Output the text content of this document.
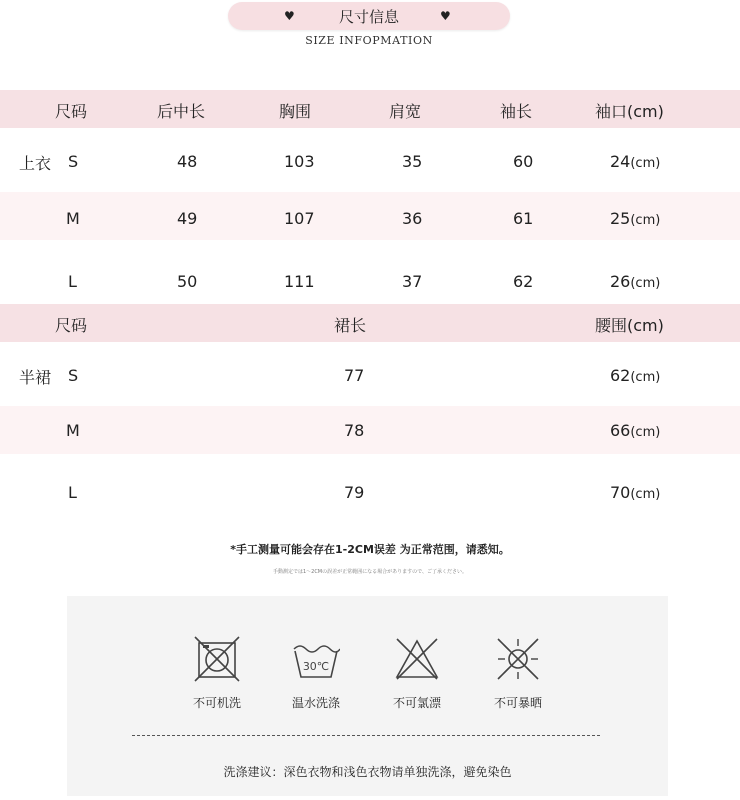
♥	尺寸信息	♥
SIZE INFOPMATION
尺码	后中长	胸围	肩宽	袖长	袖口(cm)
上衣 S	48	103	35	60	24(cm)
M	49	107	36	61	25(cm)
L	50	111	37	62	26(cm)
尺码	裙长	腰围(cm)
半裙 S	77	62(cm)
M	78	66(cm)
L	79	70(cm)
*手工测量可能会存在1-2CM误差 为正常范围，请悉知。
手動測定では1～2CMの誤差が正常範囲になる場合がありますので、ご了承ください。
不可机洗
30℃
温水洗涤	不可氯漂	不可暴晒
洗涤建议：深色衣物和浅色衣物请单独洗涤，避免染色
